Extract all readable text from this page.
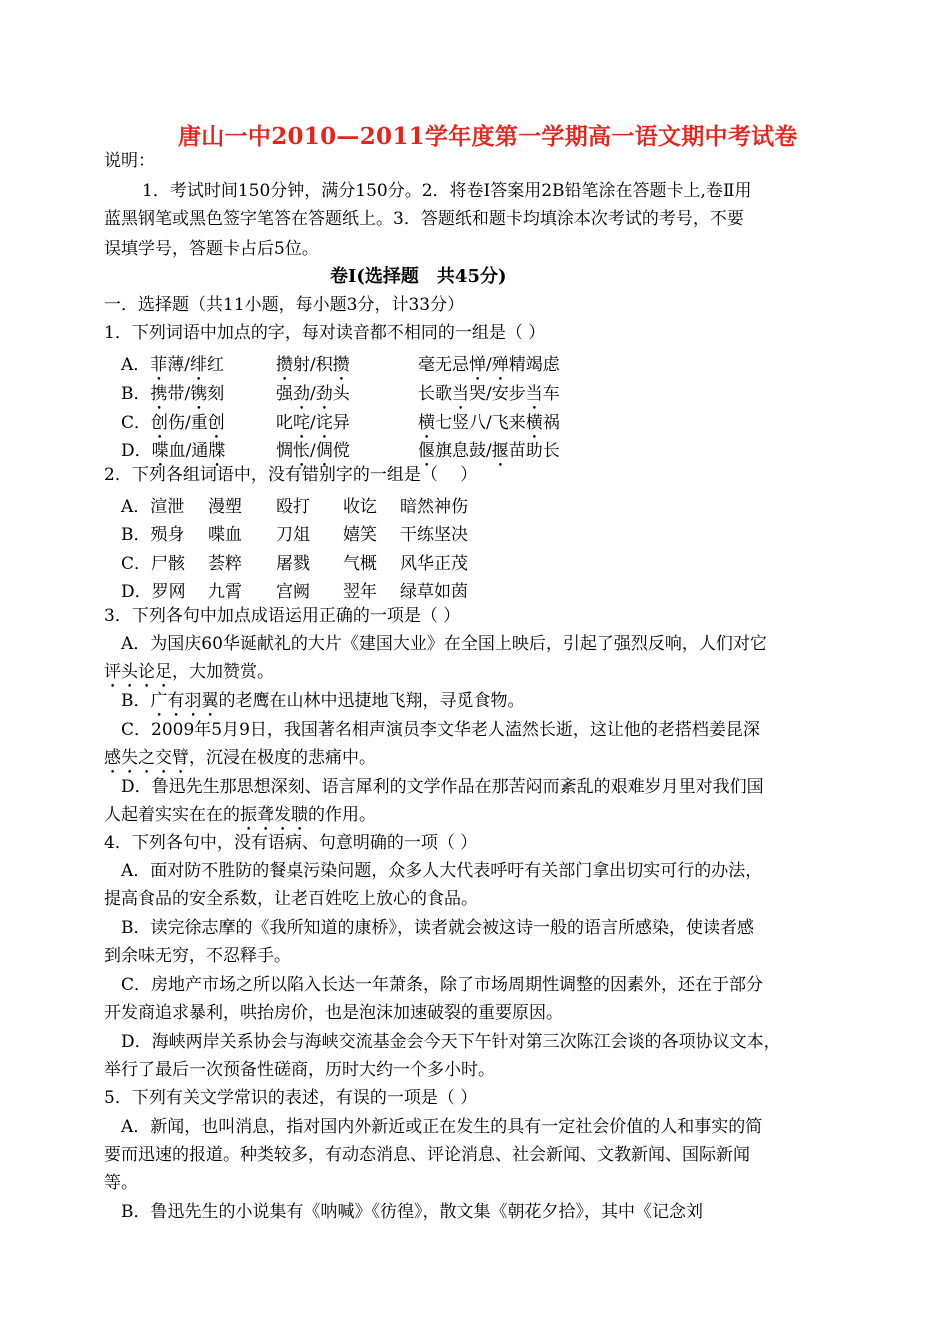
唐山一中2010—2011学年度第一学期高一语文期中考试卷
说明：
1．考试时间150分钟，满分150分。2．将卷Ⅰ答案用2B铅笔涂在答题卡上,卷Ⅱ用
蓝黑钢笔或黑色签字笔答在答题纸上。3．答题纸和题卡均填涂本次考试的考号，不要
误填学号，答题卡占后5位。
卷Ⅰ(选择题　共45分)
一．选择题（共11小题，每小题3分，计33分）
1．下列词语中加点的字，每对读音都不相同的一组是（ ）
A．菲薄/绯红	攒射/积攒	毫无忌惮/殚精竭虑
B．携带/镌刻	强劲/劲头	长歌当哭/安步当车
C．创伤/重创	叱咤/诧异	横七竖八/飞来横祸
D．喋血/通牒	惆怅/倜傥	偃旗息鼓/揠苗助长
2．下列各组词语中，没有错别字的一组是（　 ）
A．渲泄 漫塑 殴打 收讫 暗然神伤
B．殒身 喋血 刀俎 嬉笑 干练坚决
C．尸骸 荟粹 屠戮 气概 风华正茂
D．罗网 九霄 宫阙 翌年 绿草如茵
3．下列各句中加点成语运用正确的一项是（ ）
A．为国庆60华诞献礼的大片《建国大业》在全国上映后，引起了强烈反响，人们对它
评头论足，大加赞赏。
B．广有羽翼的老鹰在山林中迅捷地飞翔，寻觅食物。
C．2009年5月9日，我国著名相声演员李文华老人溘然长逝，这让他的老搭档姜昆深
感失之交臂，沉浸在极度的悲痛中。
D．鲁迅先生那思想深刻、语言犀利的文学作品在那苦闷而紊乱的艰难岁月里对我们国
人起着实实在在的振聋发聩的作用。
4．下列各句中，没有语病、句意明确的一项（ ）
A．面对防不胜防的餐桌污染问题，众多人大代表呼吁有关部门拿出切实可行的办法，
提高食品的安全系数，让老百姓吃上放心的食品。
B．读完徐志摩的《我所知道的康桥》，读者就会被这诗一般的语言所感染，使读者感
到余味无穷，不忍释手。
C．房地产市场之所以陷入长达一年萧条，除了市场周期性调整的因素外，还在于部分
开发商追求暴利，哄抬房价，也是泡沫加速破裂的重要原因。
D．海峡两岸关系协会与海峡交流基金会今天下午针对第三次陈江会谈的各项协议文本，
举行了最后一次预备性磋商，历时大约一个多小时。
5．下列有关文学常识的表述，有误的一项是（ ）
A．新闻，也叫消息，指对国内外新近或正在发生的具有一定社会价值的人和事实的简
要而迅速的报道。种类较多，有动态消息、评论消息、社会新闻、文教新闻、国际新闻
等。
B．鲁迅先生的小说集有《呐喊》《彷徨》，散文集《朝花夕拾》，其中《记念刘
